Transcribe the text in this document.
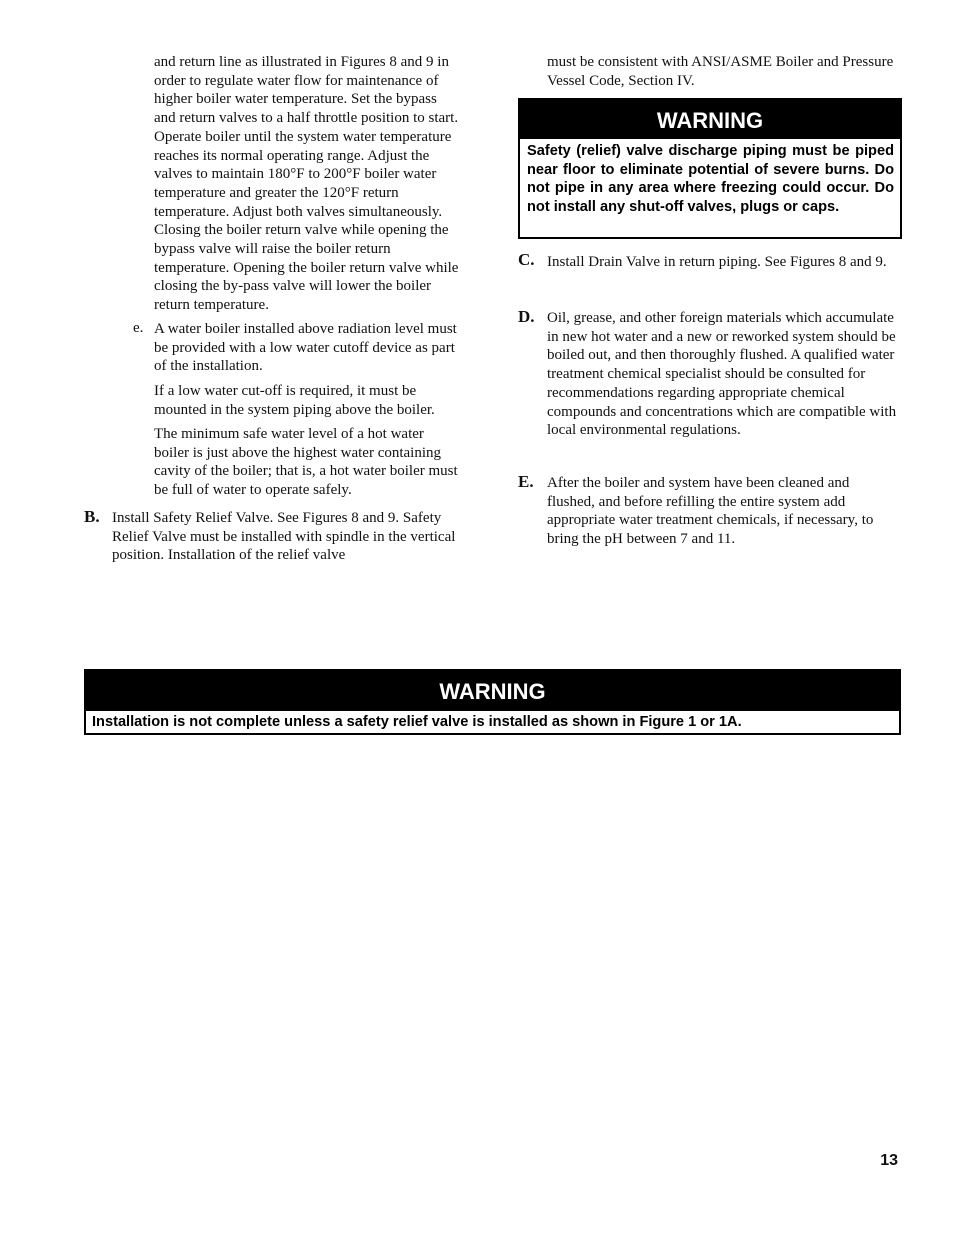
and return line as illustrated in Figures 8 and 9 in order to regulate water flow for maintenance of higher boiler water temperature. Set the bypass and return valves to a half throttle position to start. Operate boiler until the system water temperature reaches its normal operating range. Adjust the valves to maintain 180°F to 200°F boiler water temperature and greater the 120°F return temperature. Adjust both valves simultaneously. Closing the boiler return valve while opening the bypass valve will raise the boiler return temperature. Opening the boiler return valve while closing the by-pass valve will lower the boiler return temperature.

e. A water boiler installed above radiation level must be provided with a low water cutoff device as part of the installation.

If a low water cut-off is required, it must be mounted in the system piping above the boiler.

The minimum safe water level of a hot water boiler is just above the highest water containing cavity of the boiler; that is, a hot water boiler must be full of water to operate safely.

B. Install Safety Relief Valve. See Figures 8 and 9. Safety Relief Valve must be installed with spindle in the vertical position. Installation of the relief valve

must be consistent with ANSI/ASME Boiler and Pressure Vessel Code, Section IV.

WARNING
Safety (relief) valve discharge piping must be piped near floor to eliminate potential of severe burns. Do not pipe in any area where freezing could occur. Do not install any shut-off valves, plugs or caps.
C. Install Drain Valve in return piping. See Figures 8 and 9.

D. Oil, grease, and other foreign materials which accumulate in new hot water and a new or reworked system should be boiled out, and then thoroughly flushed. A qualified water treatment chemical specialist should be consulted for recommendations regarding appropriate chemical compounds and concentrations which are compatible with local environmental regulations.

E. After the boiler and system have been cleaned and flushed, and before refilling the entire system add appropriate water treatment chemicals, if necessary, to bring the pH between 7 and 11.

WARNING
Installation is not complete unless a safety relief valve is installed as shown in Figure 1 or 1A.
13
